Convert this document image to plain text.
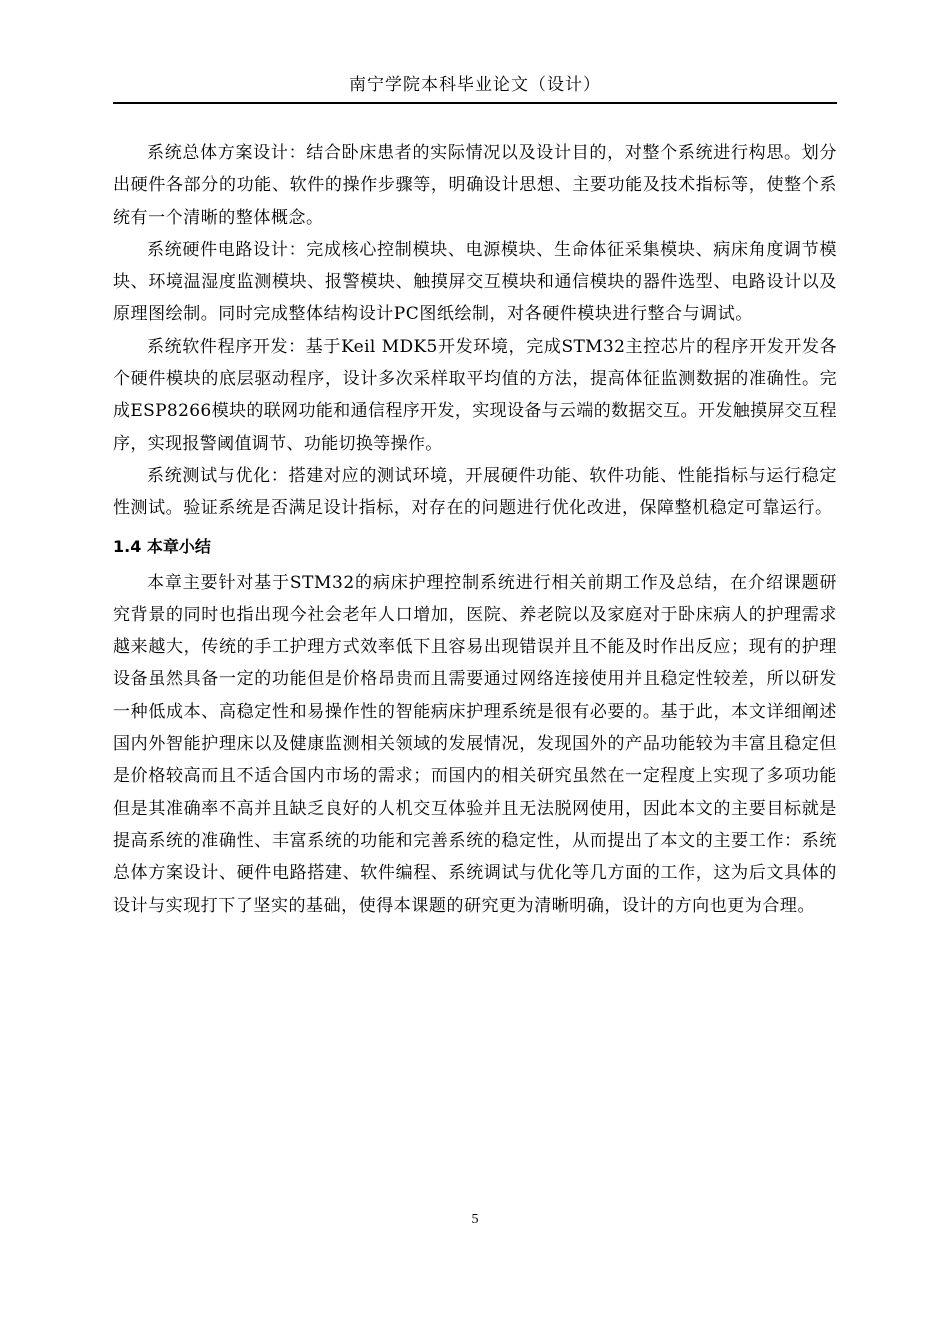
南宁学院本科毕业论文（设计）

系统总体方案设计：结合卧床患者的实际情况以及设计目的，对整个系统进行构思。划分出硬件各部分的功能、软件的操作步骤等，明确设计思想、主要功能及技术指标等，使整个系统有一个清晰的整体概念。

系统硬件电路设计：完成核心控制模块、电源模块、生命体征采集模块、病床角度调节模块、环境温湿度监测模块、报警模块、触摸屏交互模块和通信模块的器件选型、电路设计以及原理图绘制。同时完成整体结构设计PC图纸绘制，对各硬件模块进行整合与调试。

系统软件程序开发：基于Keil MDK5开发环境，完成STM32主控芯片的程序开发开发各个硬件模块的底层驱动程序，设计多次采样取平均值的方法，提高体征监测数据的准确性。完成ESP8266模块的联网功能和通信程序开发，实现设备与云端的数据交互。开发触摸屏交互程序，实现报警阈值调节、功能切换等操作。

系统测试与优化：搭建对应的测试环境，开展硬件功能、软件功能、性能指标与运行稳定性测试。验证系统是否满足设计指标，对存在的问题进行优化改进，保障整机稳定可靠运行。

1.4 本章小结

本章主要针对基于STM32的病床护理控制系统进行相关前期工作及总结，在介绍课题研究背景的同时也指出现今社会老年人口增加，医院、养老院以及家庭对于卧床病人的护理需求越来越大，传统的手工护理方式效率低下且容易出现错误并且不能及时作出反应；现有的护理设备虽然具备一定的功能但是价格昂贵而且需要通过网络连接使用并且稳定性较差，所以研发一种低成本、高稳定性和易操作性的智能病床护理系统是很有必要的。基于此，本文详细阐述国内外智能护理床以及健康监测相关领域的发展情况，发现国外的产品功能较为丰富且稳定但是价格较高而且不适合国内市场的需求；而国内的相关研究虽然在一定程度上实现了多项功能但是其准确率不高并且缺乏良好的人机交互体验并且无法脱网使用，因此本文的主要目标就是提高系统的准确性、丰富系统的功能和完善系统的稳定性，从而提出了本文的主要工作：系统总体方案设计、硬件电路搭建、软件编程、系统调试与优化等几方面的工作，这为后文具体的设计与实现打下了坚实的基础，使得本课题的研究更为清晰明确，设计的方向也更为合理。

5
